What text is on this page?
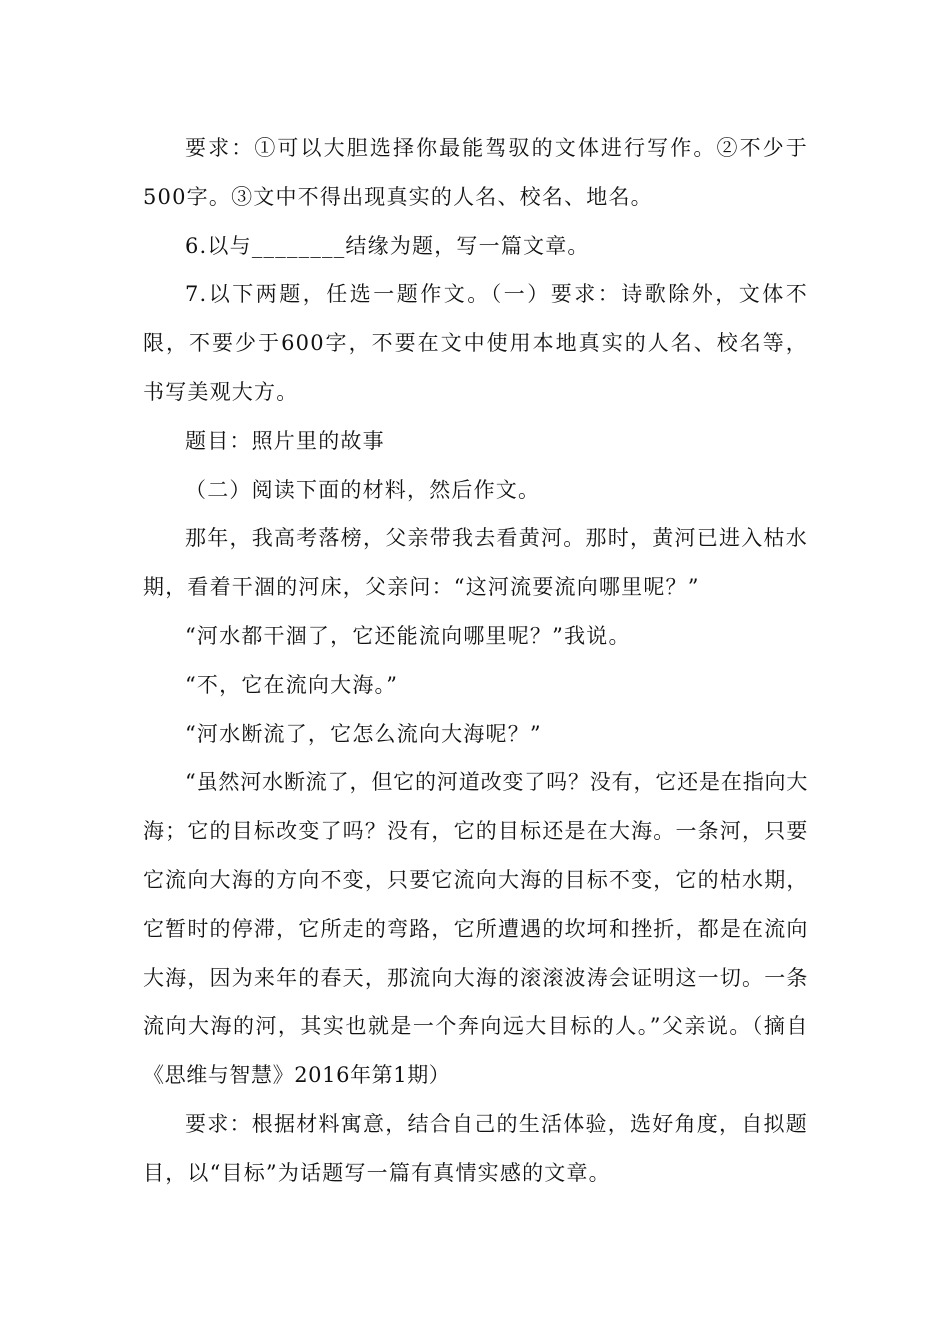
要求：①可以大胆选择你最能驾驭的文体进行写作。②不少于500字。③文中不得出现真实的人名、校名、地名。

6.以与________结缘为题，写一篇文章。

7.以下两题，任选一题作文。（一）要求：诗歌除外，文体不限，不要少于600字，不要在文中使用本地真实的人名、校名等，书写美观大方。

题目：照片里的故事

（二）阅读下面的材料，然后作文。

那年，我高考落榜，父亲带我去看黄河。那时，黄河已进入枯水期，看着干涸的河床，父亲问：“这河流要流向哪里呢？”

“河水都干涸了，它还能流向哪里呢？”我说。

“不，它在流向大海。”

“河水断流了，它怎么流向大海呢？”

“虽然河水断流了，但它的河道改变了吗？没有，它还是在指向大海；它的目标改变了吗？没有，它的目标还是在大海。一条河，只要它流向大海的方向不变，只要它流向大海的目标不变，它的枯水期，它暂时的停滞，它所走的弯路，它所遭遇的坎坷和挫折，都是在流向大海，因为来年的春天，那流向大海的滚滚波涛会证明这一切。一条流向大海的河，其实也就是一个奔向远大目标的人。”父亲说。（摘自《思维与智慧》2016年第1期）

要求：根据材料寓意，结合自己的生活体验，选好角度，自拟题目，以“目标”为话题写一篇有真情实感的文章。
